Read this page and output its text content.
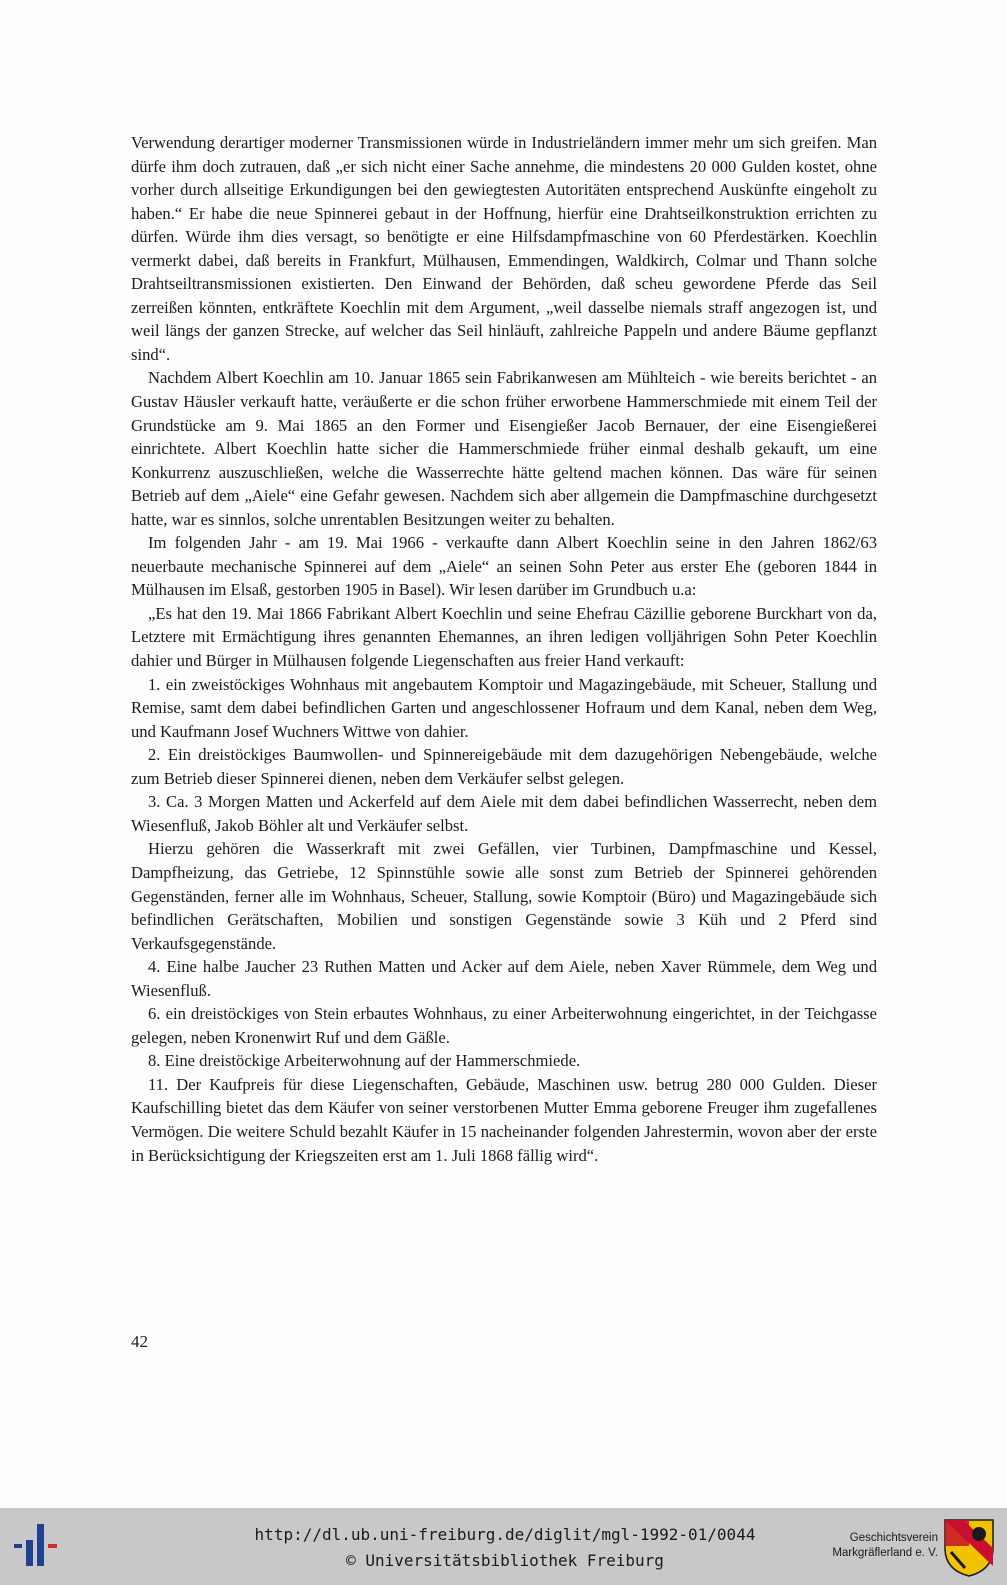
Verwendung derartiger moderner Transmissionen würde in Industrieländern immer mehr um sich greifen. Man dürfe ihm doch zutrauen, daß „er sich nicht einer Sache annehme, die mindestens 20 000 Gulden kostet, ohne vorher durch allseitige Erkundigungen bei den gewiegtesten Autoritäten entsprechend Auskünfte eingeholt zu haben.“ Er habe die neue Spinnerei gebaut in der Hoffnung, hierfür eine Drahtseilkonstruktion errichten zu dürfen. Würde ihm dies versagt, so benötigte er eine Hilfsdampfmaschine von 60 Pferdestärken. Koechlin vermerkt dabei, daß bereits in Frankfurt, Mülhausen, Emmendingen, Waldkirch, Colmar und Thann solche Drahtseiltransmissionen existierten. Den Einwand der Behörden, daß scheu gewordene Pferde das Seil zerreißen könnten, entkräftete Koechlin mit dem Argument, „weil dasselbe niemals straff angezogen ist, und weil längs der ganzen Strecke, auf welcher das Seil hinläuft, zahlreiche Pappeln und andere Bäume gepflanzt sind“.

Nachdem Albert Koechlin am 10. Januar 1865 sein Fabrikanwesen am Mühlteich - wie bereits berichtet - an Gustav Häusler verkauft hatte, veräußerte er die schon früher erworbene Hammerschmiede mit einem Teil der Grundstücke am 9. Mai 1865 an den Former und Eisengießer Jacob Bernauer, der eine Eisengießerei einrichtete. Albert Koechlin hatte sicher die Hammerschmiede früher einmal deshalb gekauft, um eine Konkurrenz auszuschließen, welche die Wasserrechte hätte geltend machen können. Das wäre für seinen Betrieb auf dem „Aiele“ eine Gefahr gewesen. Nachdem sich aber allgemein die Dampfmaschine durchgesetzt hatte, war es sinnlos, solche unrentablen Besitzungen weiter zu behalten.

Im folgenden Jahr - am 19. Mai 1966 - verkaufte dann Albert Koechlin seine in den Jahren 1862/63 neuerbaute mechanische Spinnerei auf dem „Aiele“ an seinen Sohn Peter aus erster Ehe (geboren 1844 in Mülhausen im Elsaß, gestorben 1905 in Basel). Wir lesen darüber im Grundbuch u.a:

„Es hat den 19. Mai 1866 Fabrikant Albert Koechlin und seine Ehefrau Cäzillie geborene Burckhart von da, Letztere mit Ermächtigung ihres genannten Ehemannes, an ihren ledigen volljährigen Sohn Peter Koechlin dahier und Bürger in Mülhausen folgende Liegenschaften aus freier Hand verkauft:

1. ein zweistöckiges Wohnhaus mit angebautem Komptoir und Magazingebäude, mit Scheuer, Stallung und Remise, samt dem dabei befindlichen Garten und angeschlossener Hofraum und dem Kanal, neben dem Weg, und Kaufmann Josef Wuchners Wittwe von dahier.

2. Ein dreistöckiges Baumwollen- und Spinnereigebäude mit dem dazugehörigen Nebengebäude, welche zum Betrieb dieser Spinnerei dienen, neben dem Verkäufer selbst gelegen.

3. Ca. 3 Morgen Matten und Ackerfeld auf dem Aiele mit dem dabei befindlichen Wasserrecht, neben dem Wiesenfluß, Jakob Böhler alt und Verkäufer selbst.

Hierzu gehören die Wasserkraft mit zwei Gefällen, vier Turbinen, Dampfmaschine und Kessel, Dampfheizung, das Getriebe, 12 Spinnstühle sowie alle sonst zum Betrieb der Spinnerei gehörenden Gegenständen, ferner alle im Wohnhaus, Scheuer, Stallung, sowie Komptoir (Büro) und Magazingebäude sich befindlichen Gerätschaften, Mobilien und sonstigen Gegenstände sowie 3 Küh und 2 Pferd sind Verkaufsgegenstände.

4. Eine halbe Jaucher 23 Ruthen Matten und Acker auf dem Aiele, neben Xaver Rümmele, dem Weg und Wiesenfluß.

6. ein dreistöckiges von Stein erbautes Wohnhaus, zu einer Arbeiterwohnung eingerichtet, in der Teichgasse gelegen, neben Kronenwirt Ruf und dem Gäßle.

8. Eine dreistöckige Arbeiterwohnung auf der Hammerschmiede.

11. Der Kaufpreis für diese Liegenschaften, Gebäude, Maschinen usw. betrug 280 000 Gulden. Dieser Kaufschilling bietet das dem Käufer von seiner verstorbenen Mutter Emma geborene Freuger ihm zugefallenes Vermögen. Die weitere Schuld bezahlt Käufer in 15 nacheinander folgenden Jahrestermin, wovon aber der erste in Berücksichtigung der Kriegszeiten erst am 1. Juli 1868 fällig wird“.

42
http://dl.ub.uni-freiburg.de/diglit/mgl-1992-01/0044
© Universitätsbibliothek Freiburg
Geschichtsverein
Markgräflerland e. V.
